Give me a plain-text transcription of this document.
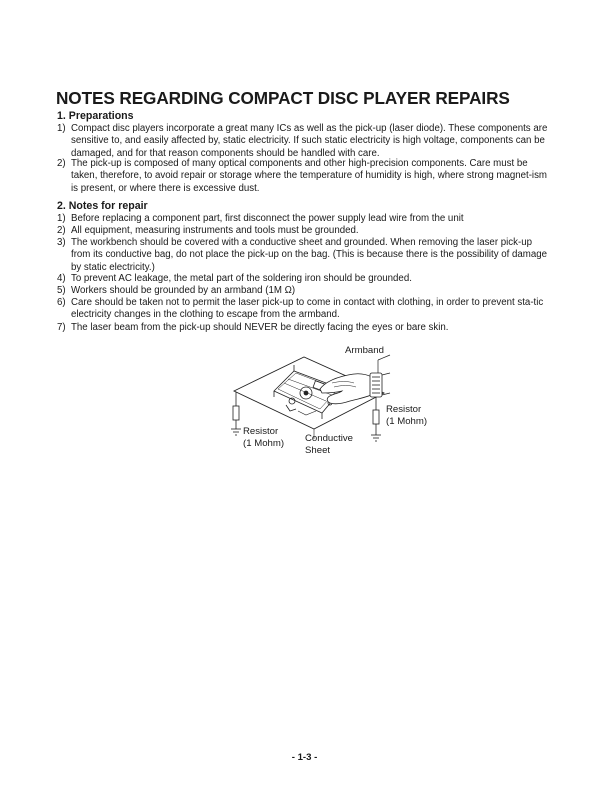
NOTES REGARDING COMPACT DISC PLAYER REPAIRS
1. Preparations
1) Compact disc players incorporate a great many ICs as well as the pick-up (laser diode). These components are sensitive to, and easily affected by, static electricity. If such static electricity is high voltage, components can be damaged, and for that reason components should be handled with care.
2) The pick-up is composed of many optical components and other high-precision components. Care must be taken, therefore, to avoid repair or storage where the temperature of humidity is high, where strong magnet-ism is present, or where there is excessive dust.
2. Notes for repair
1) Before replacing a component part, first disconnect the power supply lead wire from the unit
2) All equipment, measuring instruments and tools must be grounded.
3) The workbench should be covered with a conductive sheet and grounded. When removing the laser pick-up from its conductive bag, do not place the pick-up on the bag. (This is because there is the possibility of damage by static electricity.)
4) To prevent AC leakage, the metal part of the soldering iron should be grounded.
5) Workers should be grounded by an armband (1M Ω)
6) Care should be taken not to permit the laser pick-up to come in contact with clothing, in order to prevent sta-tic electricity changes in the clothing to escape from the armband.
7) The laser beam from the pick-up should NEVER be directly facing the eyes or bare skin.
Armband
Resistor
(1 Mohm)
Resistor
(1 Mohm) Conductive
Sheet
- 1-3 -
